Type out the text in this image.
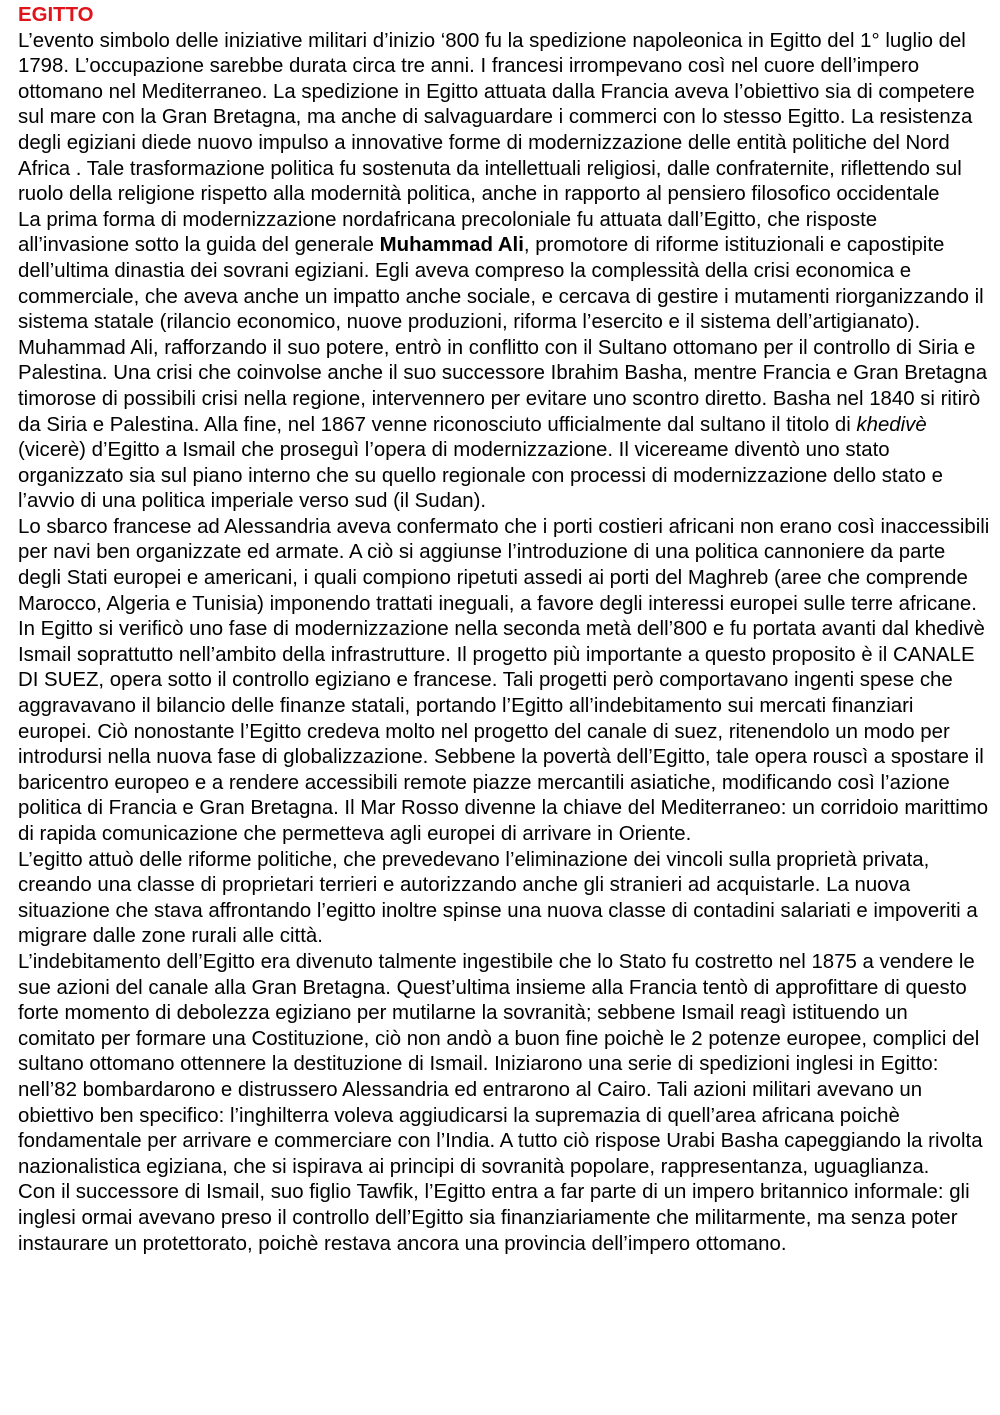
EGITTO

L’evento simbolo delle iniziative militari d’inizio ‘800 fu la spedizione napoleonica in Egitto del 1° luglio del 1798. L’occupazione sarebbe durata circa tre anni. I francesi irrompevano così nel cuore dell’impero ottomano nel Mediterraneo. La spedizione in Egitto attuata dalla Francia aveva l’obiettivo sia di competere sul mare con la Gran Bretagna, ma anche di salvaguardare i commerci con lo stesso Egitto. La resistenza degli egiziani diede nuovo impulso a innovative forme di modernizzazione delle entità politiche del Nord Africa . Tale trasformazione politica fu sostenuta da intellettuali religiosi, dalle confraternite, riflettendo sul ruolo della religione rispetto alla modernità politica, anche in rapporto al pensiero filosofico occidentale

La prima forma di modernizzazione nordafricana precoloniale fu attuata dall’Egitto, che risposte all’invasione sotto la guida del generale Muhammad Ali, promotore di riforme istituzionali e capostipite dell’ultima dinastia dei sovrani egiziani. Egli aveva compreso la complessità della crisi economica e commerciale, che aveva anche un impatto anche sociale, e cercava di gestire i mutamenti riorganizzando il sistema statale (rilancio economico, nuove produzioni, riforma l’esercito e il sistema dell’artigianato). Muhammad Ali, rafforzando il suo potere, entrò in conflitto con il Sultano ottomano per il controllo di Siria e Palestina. Una crisi che coinvolse anche il suo successore Ibrahim Basha, mentre Francia e Gran Bretagna timorose di possibili crisi nella regione, intervennero per evitare uno scontro diretto. Basha nel 1840 si ritirò da Siria e Palestina. Alla fine, nel 1867 venne riconosciuto ufficialmente dal sultano il titolo di khedivè (vicerè) d’Egitto a Ismail che proseguì l’opera di modernizzazione. Il vicereame diventò uno stato organizzato sia sul piano interno che su quello regionale con processi di modernizzazione dello stato e l’avvio di una politica imperiale verso sud (il Sudan).

Lo sbarco francese ad Alessandria aveva confermato che i porti costieri africani non erano così inaccessibili per navi ben organizzate ed armate. A ciò si aggiunse l’introduzione di una politica cannoniere da parte degli Stati europei e americani, i quali compiono ripetuti assedi ai porti del Maghreb (aree che comprende Marocco, Algeria e Tunisia) imponendo trattati ineguali, a favore degli interessi europei sulle terre africane.

In Egitto si verificò uno fase di modernizzazione nella seconda metà dell’800 e fu portata avanti dal khedivè Ismail soprattutto nell’ambito della infrastrutture. Il progetto più importante a questo proposito è il CANALE DI SUEZ, opera sotto il controllo egiziano e francese. Tali progetti però comportavano ingenti spese che aggravavano il bilancio delle finanze statali, portando l’Egitto all’indebitamento sui mercati finanziari europei. Ciò nonostante l’Egitto credeva molto nel progetto del canale di suez, ritenendolo un modo per introdursi nella nuova fase di globalizzazione. Sebbene la povertà dell’Egitto, tale opera rouscì a spostare il baricentro europeo e a rendere accessibili remote piazze mercantili asiatiche, modificando così l’azione politica di Francia e Gran Bretagna. Il Mar Rosso divenne la chiave del Mediterraneo: un corridoio marittimo di rapida comunicazione che permetteva agli europei di arrivare in Oriente.

L’egitto attuò delle riforme politiche, che prevedevano l’eliminazione dei vincoli sulla proprietà privata, creando una classe di proprietari terrieri e autorizzando anche gli stranieri ad acquistarle. La nuova situazione che stava affrontando l’egitto inoltre spinse una nuova classe di contadini salariati e impoveriti a migrare dalle zone rurali alle città.

L’indebitamento dell’Egitto era divenuto talmente ingestibile che lo Stato fu costretto nel 1875 a vendere le sue azioni del canale alla Gran Bretagna. Quest’ultima insieme alla Francia tentò di approfittare di questo forte momento di debolezza egiziano per mutilarne la sovranità; sebbene Ismail reagì istituendo un comitato per formare una Costituzione, ciò non andò a buon fine poichè le 2 potenze europee, complici del sultano ottomano ottennere la destituzione di Ismail. Iniziarono una serie di spedizioni inglesi in Egitto: nell’82 bombardarono e distrussero Alessandria ed entrarono al Cairo. Tali azioni militari avevano un obiettivo ben specifico: l’inghilterra voleva aggiudicarsi la supremazia di quell’area africana poichè fondamentale per arrivare e commerciare con l’India. A tutto ciò rispose Urabi Basha capeggiando la rivolta nazionalistica egiziana, che si ispirava ai principi di sovranità popolare, rappresentanza, uguaglianza.

Con il successore di Ismail, suo figlio Tawfik, l’Egitto entra a far parte di un impero britannico informale: gli inglesi ormai avevano preso il controllo dell’Egitto sia finanziariamente che militarmente, ma senza poter instaurare un protettorato, poichè restava ancora una provincia dell’impero ottomano.
